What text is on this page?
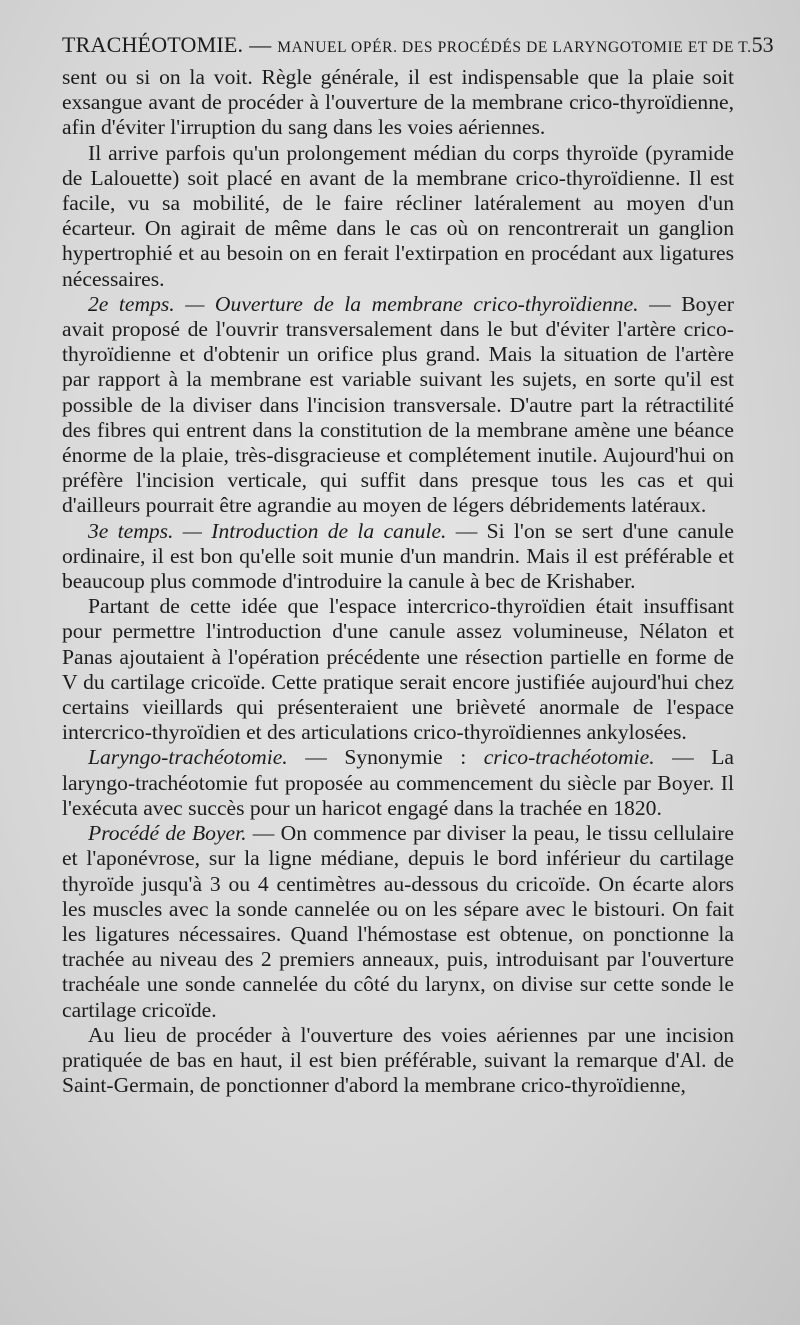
TRACHÉOTOMIE. — MANUEL OPÉR. DES PROCÉDÉS DE LARYNGOTOMIE ET DE T. 53

sent ou si on la voit. Règle générale, il est indispensable que la plaie soit exsangue avant de procéder à l'ouverture de la membrane crico-thyroïdienne, afin d'éviter l'irruption du sang dans les voies aériennes.

Il arrive parfois qu'un prolongement médian du corps thyroïde (pyramide de Lalouette) soit placé en avant de la membrane crico-thyroïdienne. Il est facile, vu sa mobilité, de le faire récliner latéralement au moyen d'un écarteur. On agirait de même dans le cas où on rencontrerait un ganglion hypertrophié et au besoin on en ferait l'extirpation en procédant aux ligatures nécessaires.

2e temps. — Ouverture de la membrane crico-thyroïdienne. — Boyer avait proposé de l'ouvrir transversalement dans le but d'éviter l'artère crico-thyroïdienne et d'obtenir un orifice plus grand. Mais la situation de l'artère par rapport à la membrane est variable suivant les sujets, en sorte qu'il est possible de la diviser dans l'incision transversale. D'autre part la rétractilité des fibres qui entrent dans la constitution de la membrane amène une béance énorme de la plaie, très-disgracieuse et complétement inutile. Aujourd'hui on préfère l'incision verticale, qui suffit dans presque tous les cas et qui d'ailleurs pourrait être agrandie au moyen de légers débridements latéraux.

3e temps. — Introduction de la canule. — Si l'on se sert d'une canule ordinaire, il est bon qu'elle soit munie d'un mandrin. Mais il est préférable et beaucoup plus commode d'introduire la canule à bec de Krishaber.

Partant de cette idée que l'espace intercrico-thyroïdien était insuffisant pour permettre l'introduction d'une canule assez volumineuse, Nélaton et Panas ajoutaient à l'opération précédente une résection partielle en forme de V du cartilage cricoïde. Cette pratique serait encore justifiée aujourd'hui chez certains vieillards qui présenteraient une brièveté anormale de l'espace intercrico-thyroïdien et des articulations crico-thyroïdiennes ankylosées.

Laryngo-trachéotomie. — Synonymie : crico-trachéotomie. — La laryngo-trachéotomie fut proposée au commencement du siècle par Boyer. Il l'exécuta avec succès pour un haricot engagé dans la trachée en 1820.

Procédé de Boyer. — On commence par diviser la peau, le tissu cellulaire et l'aponévrose, sur la ligne médiane, depuis le bord inférieur du cartilage thyroïde jusqu'à 3 ou 4 centimètres au-dessous du cricoïde. On écarte alors les muscles avec la sonde cannelée ou on les sépare avec le bistouri. On fait les ligatures nécessaires. Quand l'hémostase est obtenue, on ponctionne la trachée au niveau des 2 premiers anneaux, puis, introduisant par l'ouverture trachéale une sonde cannelée du côté du larynx, on divise sur cette sonde le cartilage cricoïde.

Au lieu de procéder à l'ouverture des voies aériennes par une incision pratiquée de bas en haut, il est bien préférable, suivant la remarque d'Al. de Saint-Germain, de ponctionner d'abord la membrane crico-thyroïdienne,
